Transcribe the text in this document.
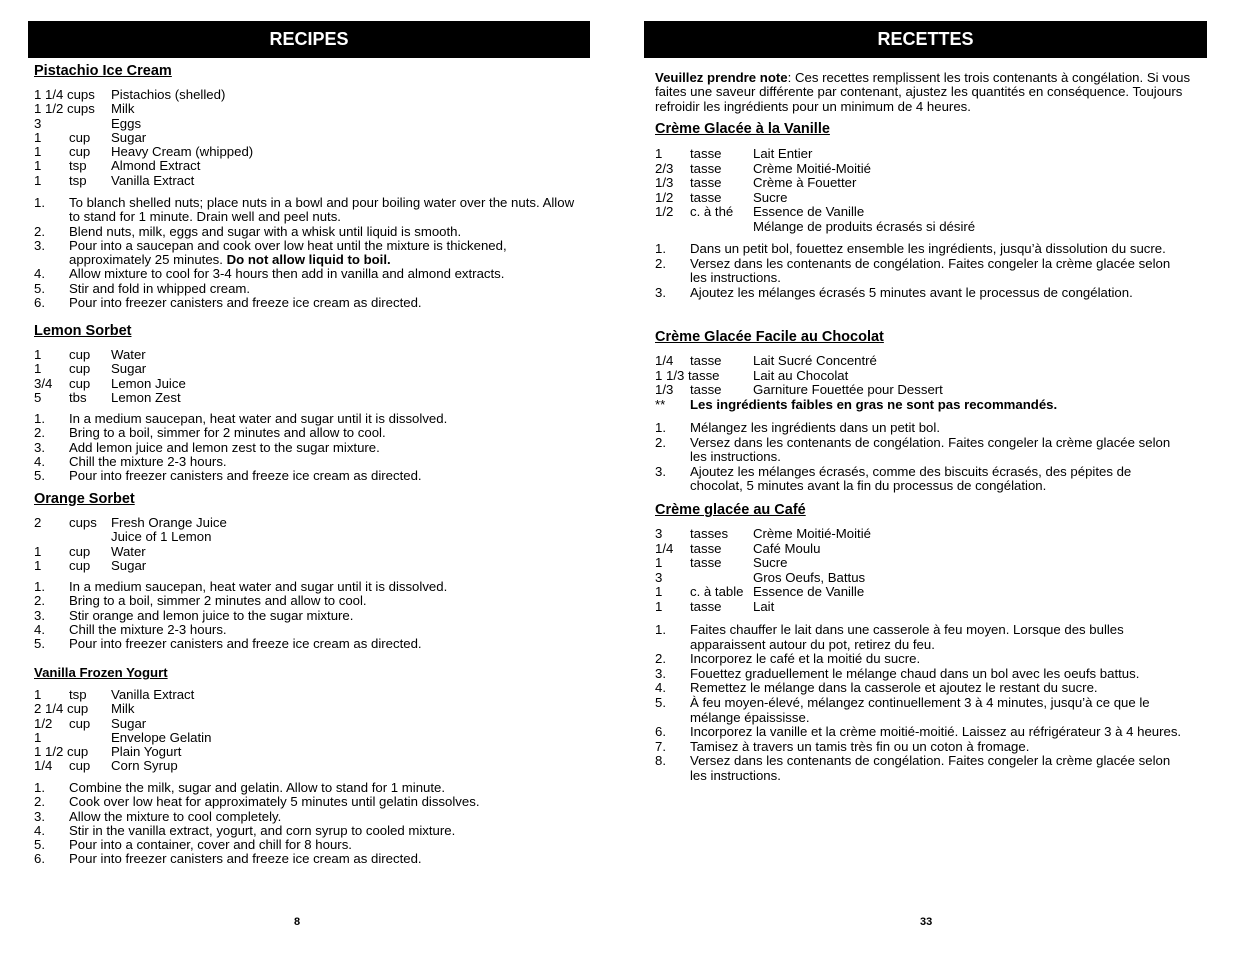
RECIPES
Pistachio Ice Cream
1 1/4 cups Pistachios (shelled)
1 1/2 cups Milk
3	Eggs
1 cup Sugar
1 cup Heavy Cream (whipped)
1 tsp Almond Extract
1 tsp Vanilla Extract
1. To blanch shelled nuts; place nuts in a bowl and pour boiling water over the nuts. Allow to stand for 1 minute. Drain well and peel nuts.
2. Blend nuts, milk, eggs and sugar with a whisk until liquid is smooth.
3. Pour into a saucepan and cook over low heat until the mixture is thickened, approximately 25 minutes. Do not allow liquid to boil.
4. Allow mixture to cool for 3-4 hours then add in vanilla and almond extracts.
5. Stir and fold in whipped cream.
6. Pour into freezer canisters and freeze ice cream as directed.
Lemon Sorbet
1 cup Water
1 cup Sugar
3/4 cup Lemon Juice
5 tbs Lemon Zest
1. In a medium saucepan, heat water and sugar until it is dissolved.
2. Bring to a boil, simmer for 2 minutes and allow to cool.
3. Add lemon juice and lemon zest to the sugar mixture.
4. Chill the mixture 2-3 hours.
5. Pour into freezer canisters and freeze ice cream as directed.
Orange Sorbet
2 cups Fresh Orange Juice
Juice of 1 Lemon
1 cup Water
1 cup Sugar
1. In a medium saucepan, heat water and sugar until it is dissolved.
2. Bring to a boil, simmer 2 minutes and allow to cool.
3. Stir orange and lemon juice to the sugar mixture.
4. Chill the mixture 2-3 hours.
5. Pour into freezer canisters and freeze ice cream as directed.
Vanilla Frozen Yogurt
1 tsp Vanilla Extract
2 1/4 cup Milk
1/2 cup Sugar
1	Envelope Gelatin
1 1/2 cup Plain Yogurt
1/4 cup Corn Syrup
1. Combine the milk, sugar and gelatin. Allow to stand for 1 minute.
2. Cook over low heat for approximately 5 minutes until gelatin dissolves.
3. Allow the mixture to cool completely.
4. Stir in the vanilla extract, yogurt, and corn syrup to cooled mixture.
5. Pour into a container, cover and chill for 8 hours.
6. Pour into freezer canisters and freeze ice cream as directed.
8
RECETTES
Veuillez prendre note: Ces recettes remplissent les trois contenants à congélation. Si vous faites une saveur différente par contenant, ajustez les quantités en conséquence. Toujours refroidir les ingrédients pour un minimum de 4 heures.
Crème Glacée à la Vanille
1 tasse Lait Entier
2/3 tasse Crème Moitié-Moitié
1/3 tasse Crème à Fouetter
1/2 tasse Sucre
1/2 c. à thé Essence de Vanille
Mélange de produits écrasés si désiré
1. Dans un petit bol, fouettez ensemble les ingrédients, jusqu’à dissolution du sucre.
2. Versez dans les contenants de congélation. Faites congeler la crème glacée selon les instructions.
3. Ajoutez les mélanges écrasés 5 minutes avant le processus de congélation.
Crème Glacée Facile au Chocolat
1/4 tasse Lait Sucré Concentré
1 1/3 tasse	Lait au Chocolat
1/3 tasse Garniture Fouettée pour Dessert
** Les ingrédients faibles en gras ne sont pas recommandés.
1. Mélangez les ingrédients dans un petit bol.
2. Versez dans les contenants de congélation. Faites congeler la crème glacée selon les instructions.
3. Ajoutez les mélanges écrasés, comme des biscuits écrasés, des pépites de chocolat, 5 minutes avant la fin du processus de congélation.
Crème glacée au Café
3 tasses Crème Moitié-Moitié
1/4 tasse Café Moulu
1 tasse Sucre
3	Gros Oeufs, Battus
1 c. à table Essence de Vanille
1 tasse Lait
1. Faites chauffer le lait dans une casserole à feu moyen. Lorsque des bulles apparaissent autour du pot, retirez du feu.
2. Incorporez le café et la moitié du sucre.
3. Fouettez graduellement le mélange chaud dans un bol avec les oeufs battus.
4. Remettez le mélange dans la casserole et ajoutez le restant du sucre.
5. À feu moyen-élevé, mélangez continuellement 3 à 4 minutes, jusqu’à ce que le mélange épaississe.
6. Incorporez la vanille et la crème moitié-moitié. Laissez au réfrigérateur 3 à 4 heures.
7. Tamisez à travers un tamis très fin ou un coton à fromage.
8. Versez dans les contenants de congélation. Faites congeler la crème glacée selon les instructions.
33
